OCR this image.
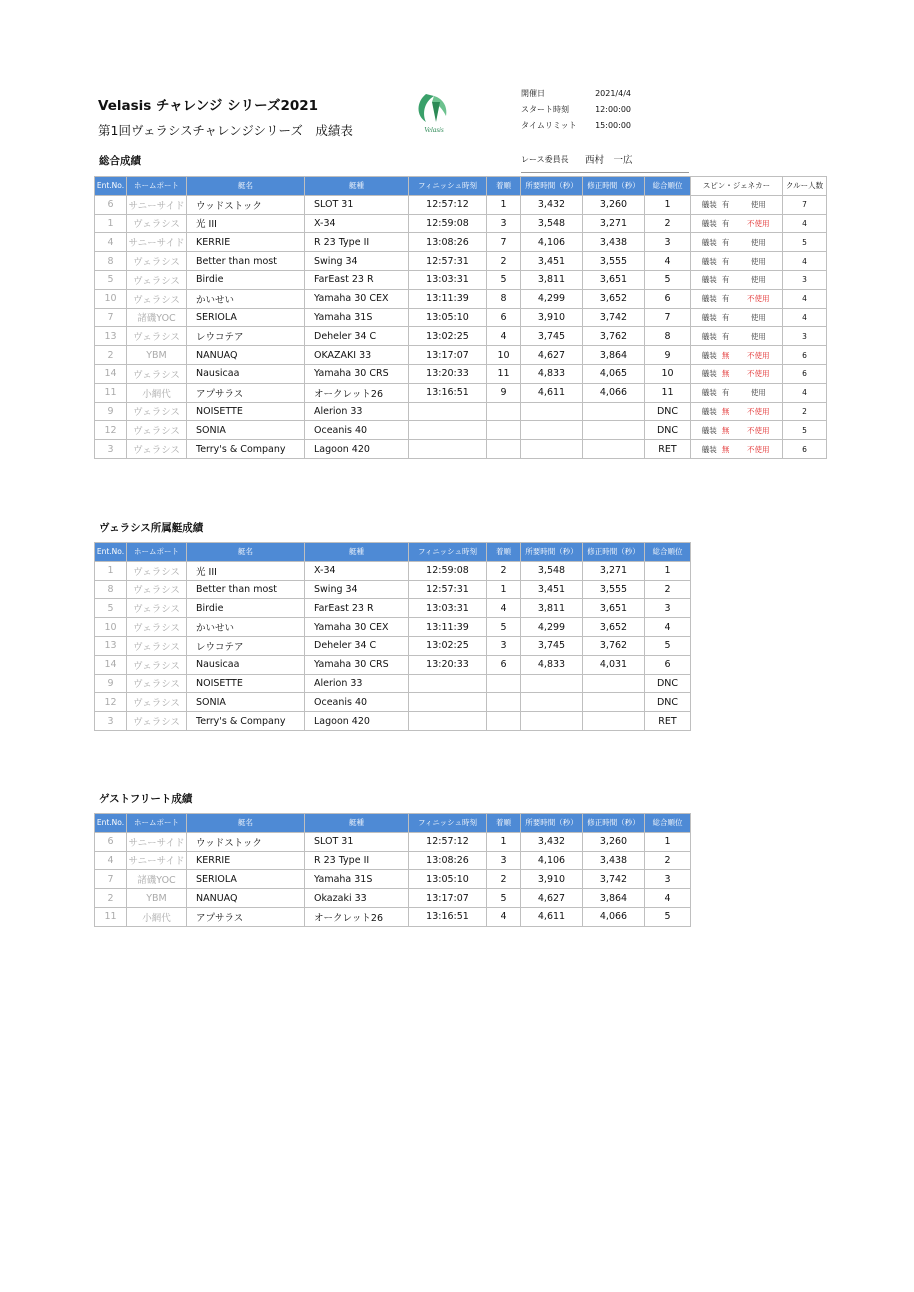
Velasis チャレンジ シリーズ2021
第1回ヴェラシスチャレンジシリーズ　成績表	Velasis
開催日	2021/4/4
スタート時刻	12:00:00
タイムリミット	15:00:00
レース委員長 西村　一広
総合成績
Ent.No.	ホームポート	艇名	艇種	フィニッシュ時刻	着順	所要時間（秒）	修正時間（秒）	総合順位	スピン・ジェネカー	クルー人数
6	サニーサイド	ウッドストック	SLOT 31	12:57:12	1	3,432	3,260	1	艤装 有 使用	7
1	ヴェラシス	光 III	X-34	12:59:08	3	3,548	3,271	2	艤装 有 不使用	4
4	サニーサイド	KERRIE	R 23 Type II	13:08:26	7	4,106	3,438	3	艤装 有 使用	5
8	ヴェラシス	Better than most	Swing 34	12:57:31	2	3,451	3,555	4	艤装 有 使用	4
5	ヴェラシス	Birdie	FarEast 23 R	13:03:31	5	3,811	3,651	5	艤装 有 使用	3
10	ヴェラシス	かいせい	Yamaha 30 CEX	13:11:39	8	4,299	3,652	6	艤装 有 不使用	4
7	諸磯YOC	SERIOLA	Yamaha 31S	13:05:10	6	3,910	3,742	7	艤装 有 使用	4
13	ヴェラシス	レウコテア	Deheler 34 C	13:02:25	4	3,745	3,762	8	艤装 有 使用	3
2	YBM	NANUAQ	OKAZAKI 33	13:17:07	10	4,627	3,864	9	艤装 無 不使用	6
14	ヴェラシス	Nausicaa	Yamaha 30 CRS	13:20:33	11	4,833	4,065	10	艤装 無 不使用	6
11	小網代	アプサラス	オークレット26	13:16:51	9	4,611	4,066	11	艤装 有 使用	4
9	ヴェラシス	NOISETTE	Alerion 33					DNC	艤装 無 不使用	2
12	ヴェラシス	SONIA	Oceanis 40					DNC	艤装 無 不使用	5
3	ヴェラシス	Terry's & Company	Lagoon 420					RET	艤装 無 不使用	6
ヴェラシス所属艇成績
Ent.No.	ホームポート	艇名	艇種	フィニッシュ時刻	着順	所要時間（秒）	修正時間（秒）	総合順位
1	ヴェラシス	光 III	X-34	12:59:08	2	3,548	3,271	1
8	ヴェラシス	Better than most	Swing 34	12:57:31	1	3,451	3,555	2
5	ヴェラシス	Birdie	FarEast 23 R	13:03:31	4	3,811	3,651	3
10	ヴェラシス	かいせい	Yamaha 30 CEX	13:11:39	5	4,299	3,652	4
13	ヴェラシス	レウコテア	Deheler 34 C	13:02:25	3	3,745	3,762	5
14	ヴェラシス	Nausicaa	Yamaha 30 CRS	13:20:33	6	4,833	4,031	6
9	ヴェラシス	NOISETTE	Alerion 33					DNC
12	ヴェラシス	SONIA	Oceanis 40					DNC
3	ヴェラシス	Terry's & Company	Lagoon 420					RET
ゲストフリート成績
Ent.No.	ホームポート	艇名	艇種	フィニッシュ時刻	着順	所要時間（秒）	修正時間（秒）	総合順位
6	サニーサイド	ウッドストック	SLOT 31	12:57:12	1	3,432	3,260	1
4	サニーサイド	KERRIE	R 23 Type II	13:08:26	3	4,106	3,438	2
7	諸磯YOC	SERIOLA	Yamaha 31S	13:05:10	2	3,910	3,742	3
2	YBM	NANUAQ	Okazaki 33	13:17:07	5	4,627	3,864	4
11	小網代	アプサラス	オークレット26	13:16:51	4	4,611	4,066	5
